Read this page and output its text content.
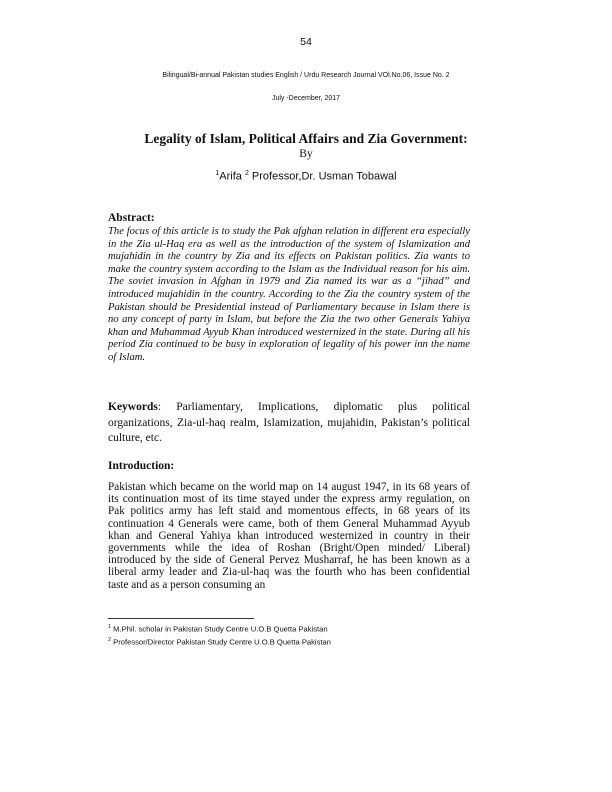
54
Bilingual/Bi-annual Pakistan studies English / Urdu Research Journal VOl.No.06, Issue No. 2
July -December, 2017
Legality of Islam, Political Affairs and Zia Government:
By
$^1$Arifa $^2$ Professor,Dr. Usman Tobawal
Abstract:

The focus of this article is to study the Pak afghan relation in different era especially in the Zia ul-Haq era as well as the introduction of the system of Islamization and mujahidin in the country by Zia and its effects on Pakistan politics. Zia wants to make the country system according to the Islam as the Individual reason for his aim. The soviet invasion in Afghan in 1979 and Zia named its war as a “jihad” and introduced mujahidin in the country. According to the Zia the country system of the Pakistan should be Presidential instead of Parliamentary because in Islam there is no any concept of party in Islam, but before the Zia the two other Generals Yahiya khan and Muhammad Ayyub Khan introduced westernized in the state. During all his period Zia continued to be busy in exploration of legality of his power inn the name of Islam.

Keywords: Parliamentary, Implications, diplomatic plus political organizations, Zia-ul-haq realm, Islamization, mujahidin, Pakistan’s political culture, etc.

Introduction:

Pakistan which became on the world map on 14 august 1947, in its 68 years of its continuation most of its time stayed under the express army regulation, on Pak politics army has left staid and momentous effects, in 68 years of its continuation 4 Generals were came, both of them General Muhammad Ayyub khan and General Yahiya khan introduced westernized in country in their governments while the idea of Roshan (Bright/Open minded/ Liberal) introduced by the side of General Pervez Musharraf, he has been known as a liberal army leader and Zia-ul-haq was the fourth who has been confidential taste and as a person consuming an

$^1$ M.Phil. scholar in Pakistan Study Centre U.O.B Quetta Pakistan
$^2$ Professor/Director Pakistan Study Centre U.O.B Quetta Pakistan
